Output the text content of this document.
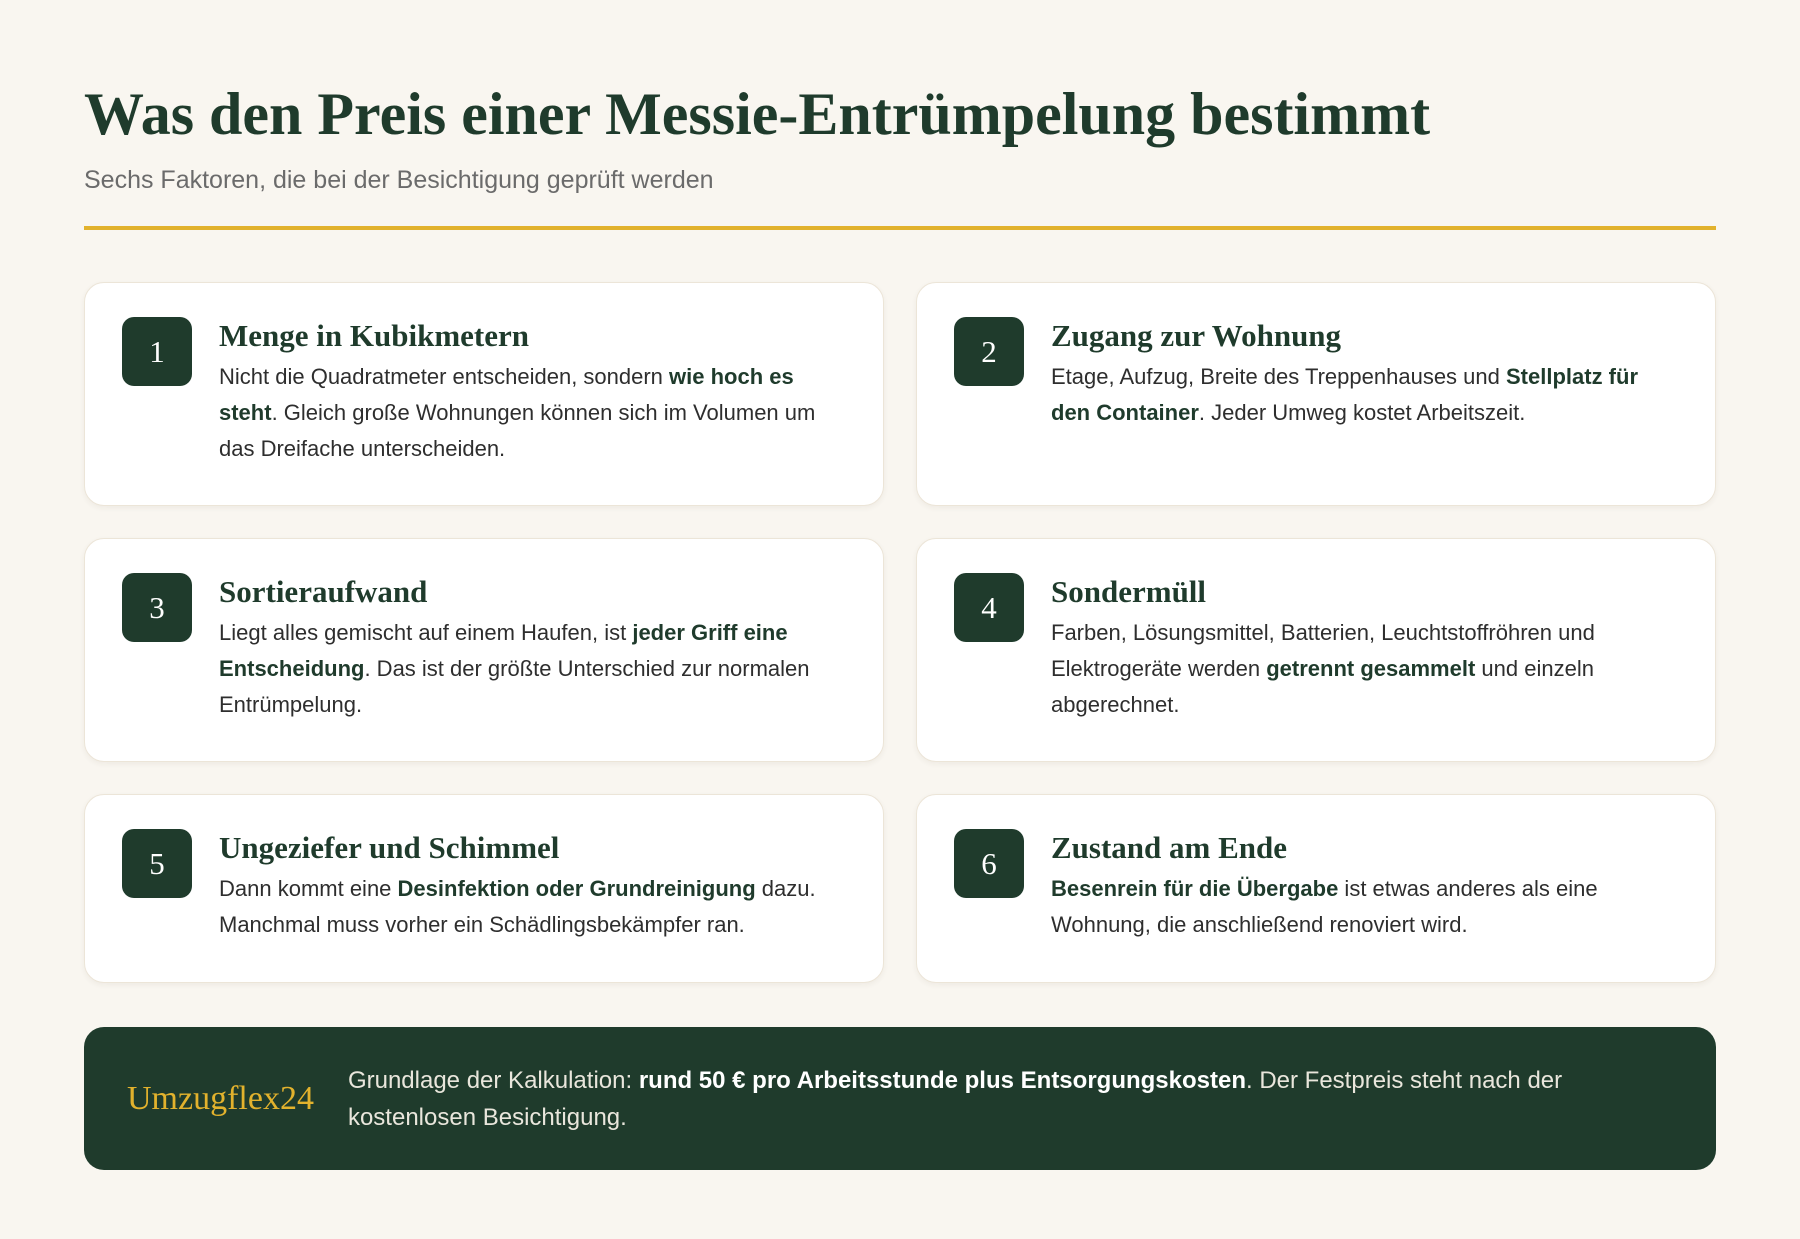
Was den Preis einer Messie-Entrümpelung bestimmt

Sechs Faktoren, die bei der Besichtigung geprüft werden

1	Menge in Kubikmetern

Nicht die Quadratmeter entscheiden, sondern wie hoch es steht. Gleich große Wohnungen können sich im Volumen um das Dreifache unterscheiden.

2	Zugang zur Wohnung

Etage, Aufzug, Breite des Treppenhauses und Stellplatz für den Container. Jeder Umweg kostet Arbeitszeit.

3	Sortieraufwand

Liegt alles gemischt auf einem Haufen, ist jeder Griff eine Entscheidung. Das ist der größte Unterschied zur normalen Entrümpelung.

4	Sondermüll

Farben, Lösungsmittel, Batterien, Leuchtstoffröhren und Elektrogeräte werden getrennt gesammelt und einzeln abgerechnet.

5	Ungeziefer und Schimmel

Dann kommt eine Desinfektion oder Grundreinigung dazu. Manchmal muss vorher ein Schädlingsbekämpfer ran.

6	Zustand am Ende

Besenrein für die Übergabe ist etwas anderes als eine Wohnung, die anschließend renoviert wird.

Umzugflex24 Grundlage der Kalkulation: rund 50 € pro Arbeitsstunde plus Entsorgungskosten. Der Festpreis steht nach der kostenlosen Besichtigung.
